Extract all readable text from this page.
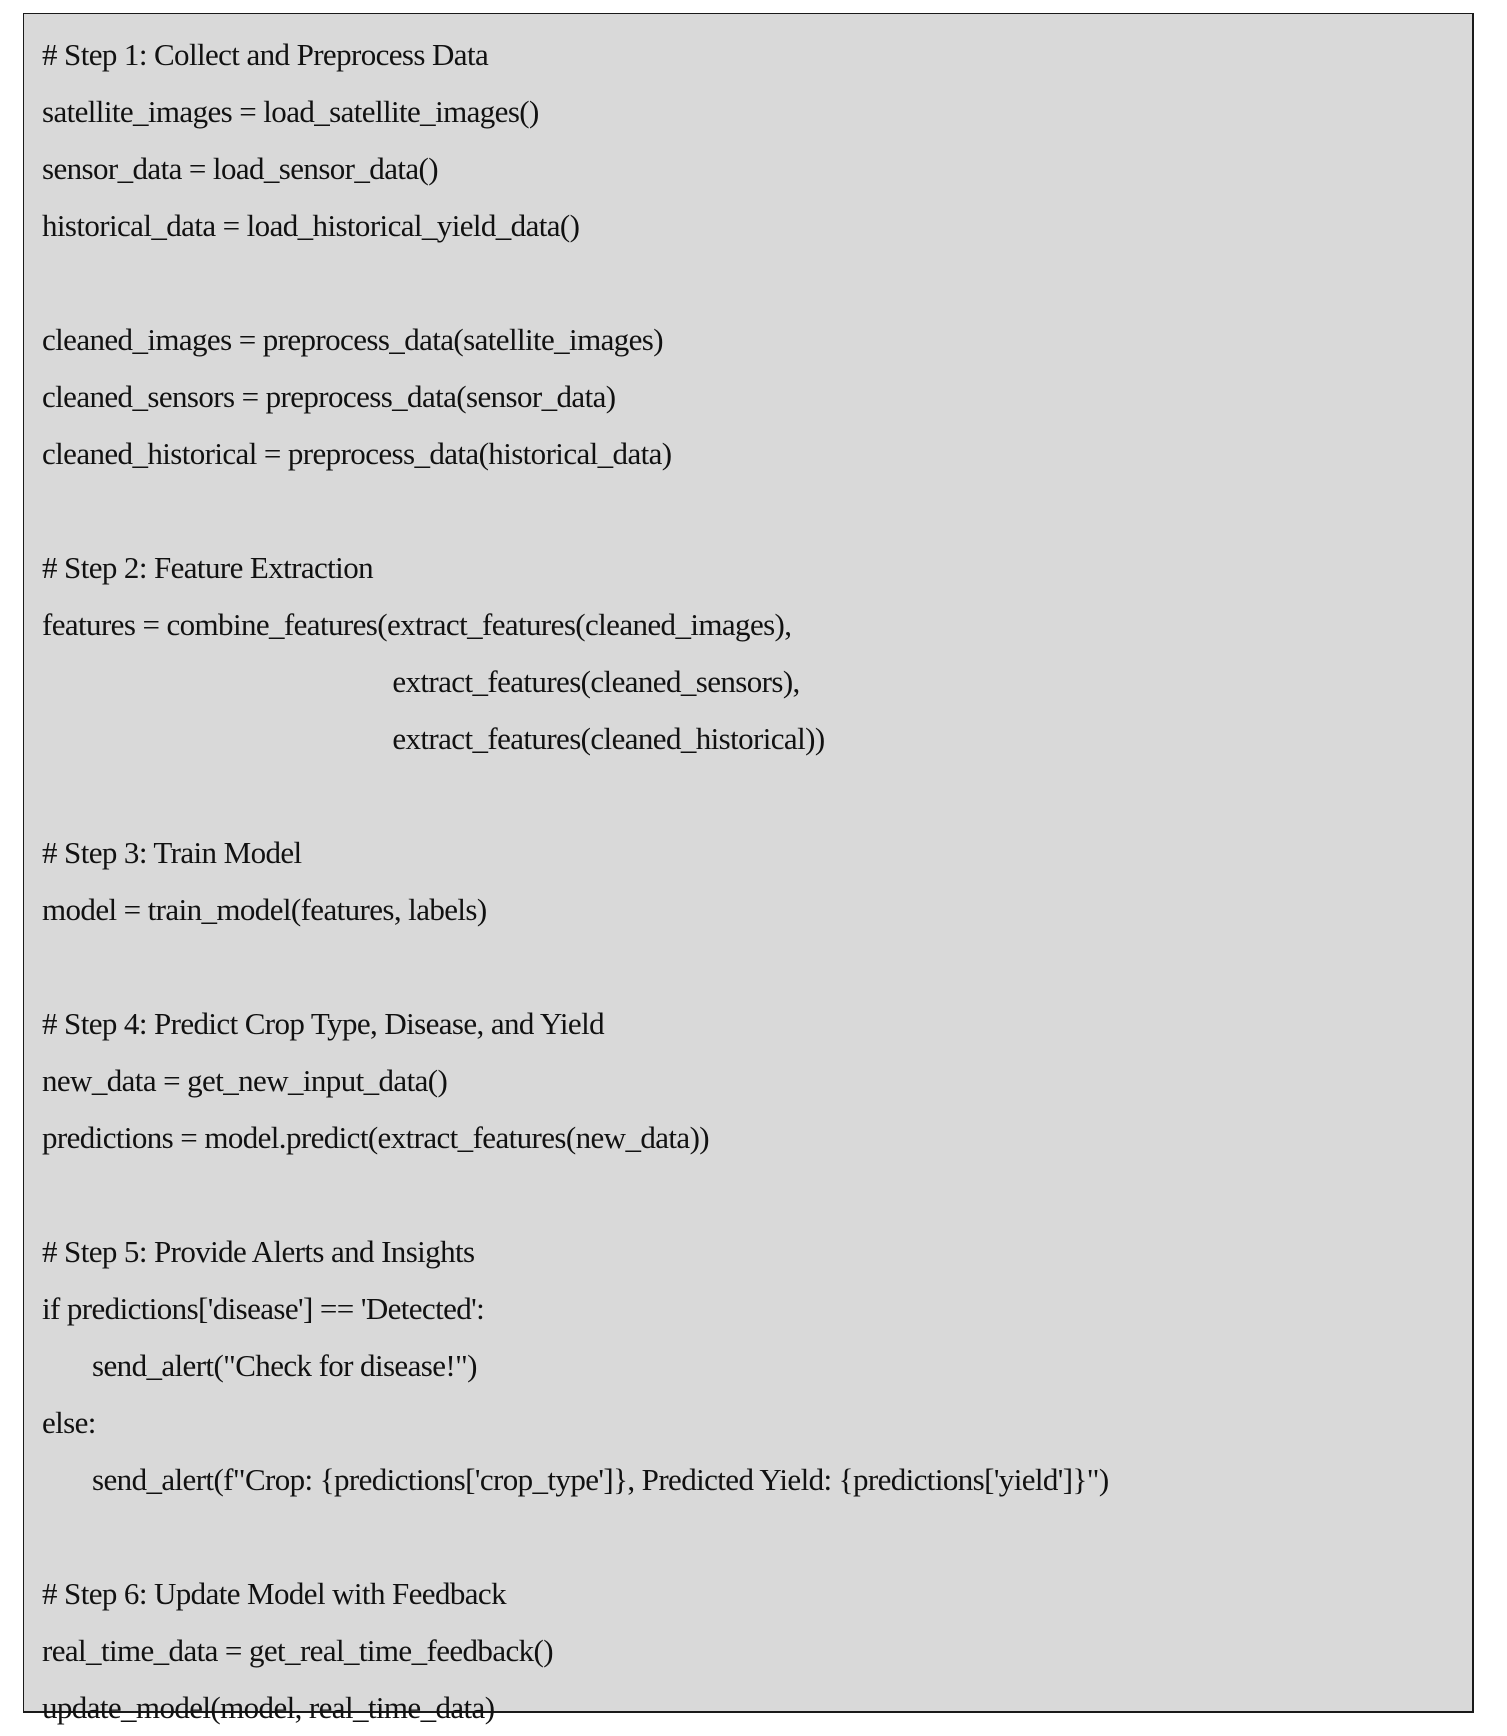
# Step 1: Collect and Preprocess Data
satellite_images = load_satellite_images()
sensor_data = load_sensor_data()
historical_data = load_historical_yield_data()
cleaned_images = preprocess_data(satellite_images)
cleaned_sensors = preprocess_data(sensor_data)
cleaned_historical = preprocess_data(historical_data)
# Step 2: Feature Extraction
features = combine_features(extract_features(cleaned_images),
extract_features(cleaned_sensors),
extract_features(cleaned_historical))
# Step 3: Train Model
model = train_model(features, labels)
# Step 4: Predict Crop Type, Disease, and Yield
new_data = get_new_input_data()
predictions = model.predict(extract_features(new_data))
# Step 5: Provide Alerts and Insights
if predictions['disease'] == 'Detected':
send_alert("Check for disease!")
else:
send_alert(f"Crop: {predictions['crop_type']}, Predicted Yield: {predictions['yield']}")
# Step 6: Update Model with Feedback
real_time_data = get_real_time_feedback()
update_model(model, real_time_data)
